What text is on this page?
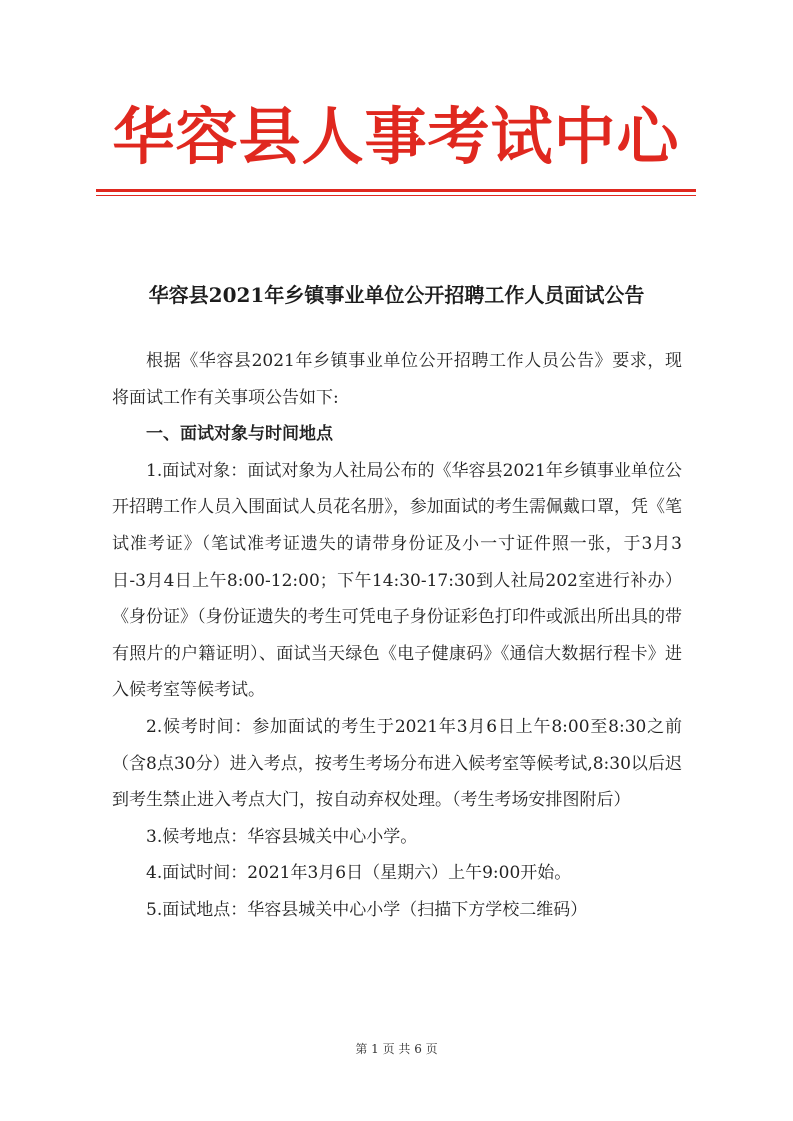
华容县人事考试中心
华容县2021年乡镇事业单位公开招聘工作人员面试公告

根据《华容县2021年乡镇事业单位公开招聘工作人员公告》要求，现将面试工作有关事项公告如下:

一、面试对象与时间地点

1.面试对象：面试对象为人社局公布的《华容县2021年乡镇事业单位公开招聘工作人员入围面试人员花名册》，参加面试的考生需佩戴口罩，凭《笔试准考证》（笔试准考证遗失的请带身份证及小一寸证件照一张，于3月3日-3月4日上午8:00-12:00；下午14:30-17:30到人社局202室进行补办）《身份证》（身份证遗失的考生可凭电子身份证彩色打印件或派出所出具的带有照片的户籍证明）、面试当天绿色《电子健康码》《通信大数据行程卡》进入候考室等候考试。

2.候考时间：参加面试的考生于2021年3月6日上午8:00至8:30之前（含8点30分）进入考点，按考生考场分布进入候考室等候考试,8:30以后迟到考生禁止进入考点大门，按自动弃权处理。（考生考场安排图附后）

3.候考地点：华容县城关中心小学。

4.面试时间：2021年3月6日（星期六）上午9:00开始。

5.面试地点：华容县城关中心小学（扫描下方学校二维码）

第 1 页 共 6 页
